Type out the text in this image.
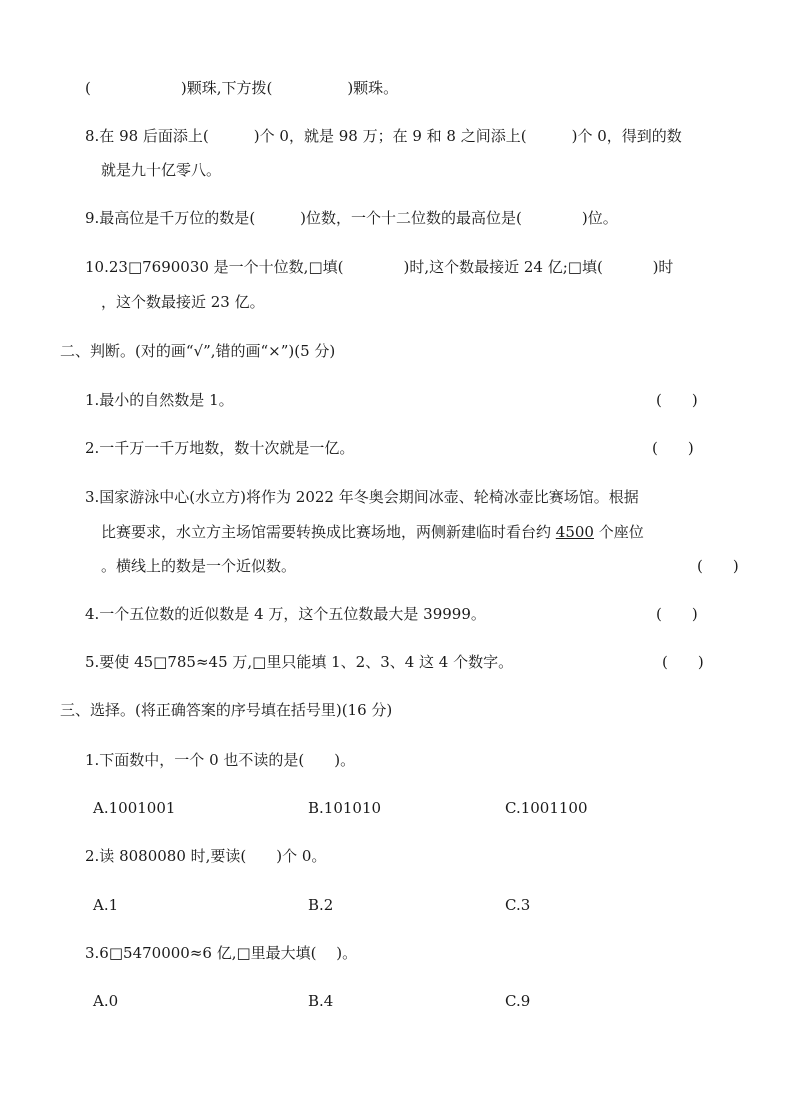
(　　　　　　)颗珠,下方拨(　　　　　)颗珠。
8.在 98 后面添上(　　　)个 0，就是 98 万；在 9 和 8 之间添上(　　　)个 0，得到的数
就是九十亿零八。
9.最高位是千万位的数是(　　　)位数，一个十二位数的最高位是(　　　　)位。
10.23□7690030 是一个十位数,□填(　　　　)时,这个数最接近 24 亿;□填(　　　 )时
，这个数最接近 23 亿。
二、判断。(对的画“√”,错的画“×”)(5 分)
1.最小的自然数是 1。	(　　)
2.一千万一千万地数，数十次就是一亿。	(　　)
3.国家游泳中心(水立方)将作为 2022 年冬奥会期间冰壶、轮椅冰壶比赛场馆。根据
比赛要求，水立方主场馆需要转换成比赛场地，两侧新建临时看台约 4500 个座位
。横线上的数是一个近似数。	(　　)
4.一个五位数的近似数是 4 万，这个五位数最大是 39999。	(　　)
5.要使 45□785≈45 万,□里只能填 1、2、3、4 这 4 个数字。	(　　)
三、选择。(将正确答案的序号填在括号里)(16 分)
1.下面数中，一个 0 也不读的是(　　)。
A.1001001	B.101010	C.1001100
2.读 8080080 时,要读(　　)个 0。
A.1	B.2	C.3
3.6□5470000≈6 亿,□里最大填(　 )。
A.0	B.4	C.9
